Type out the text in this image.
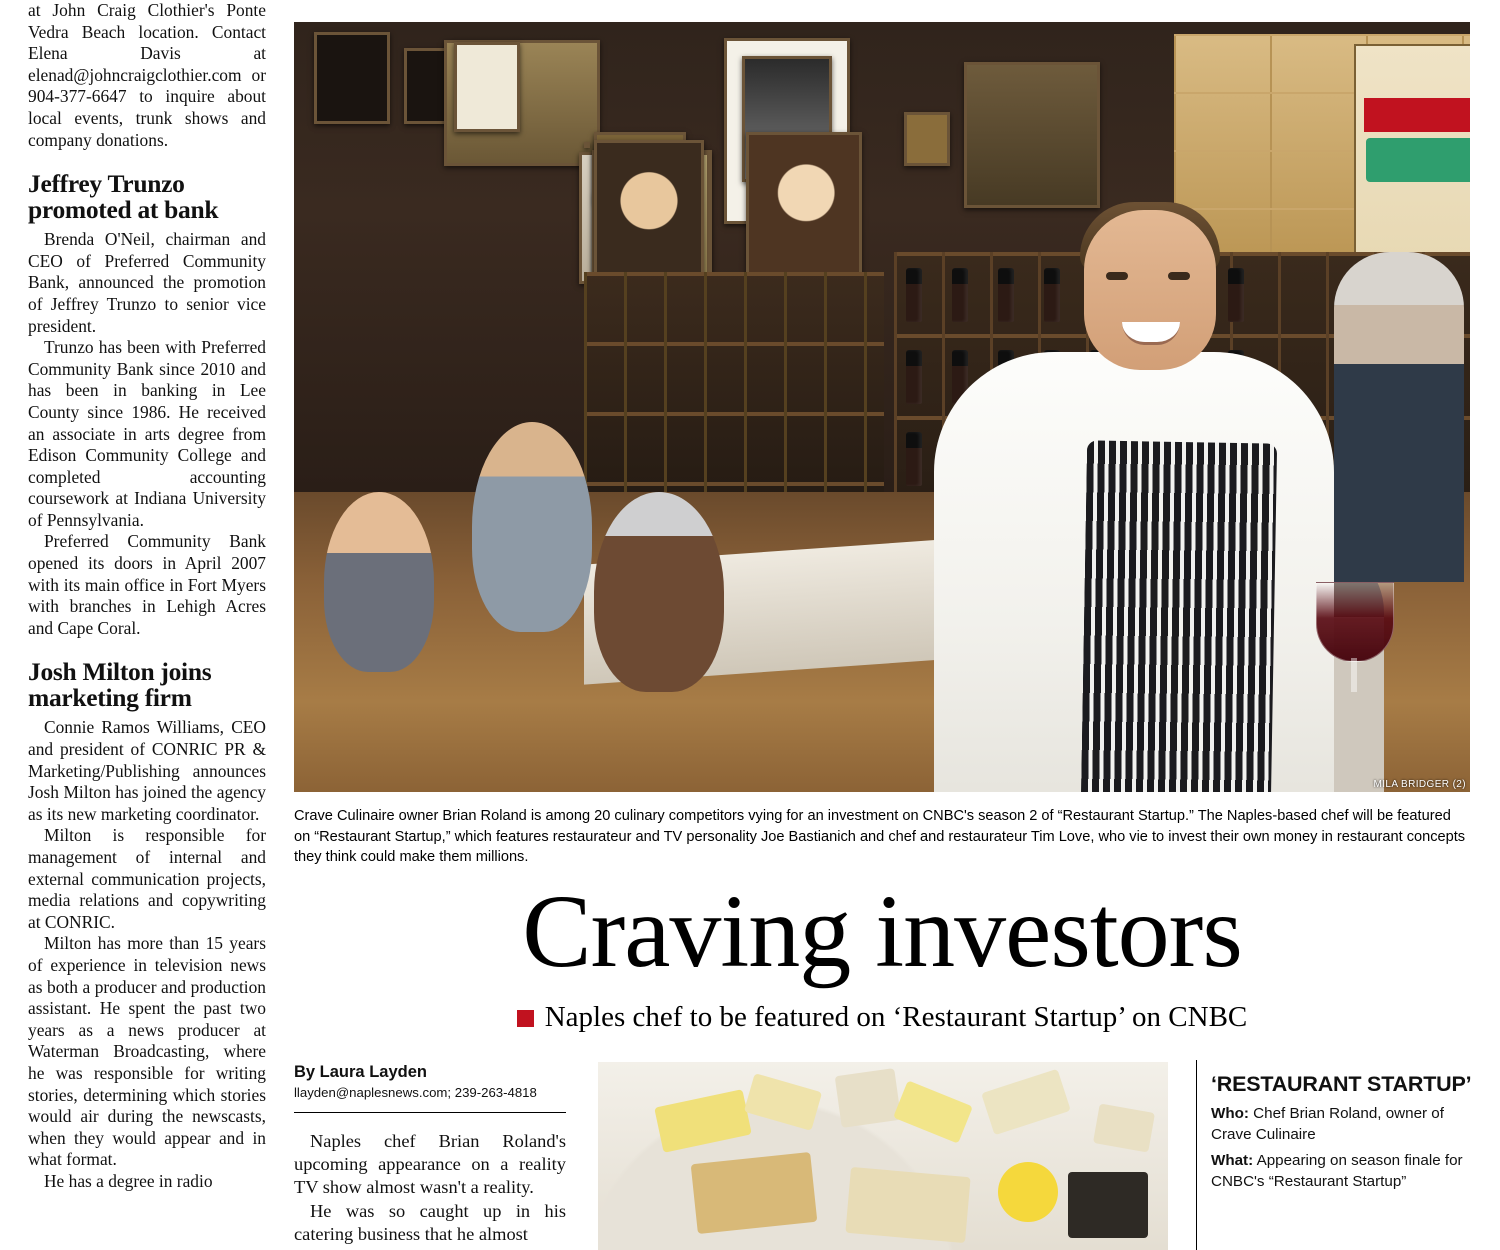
at John Craig Clothier's Ponte Vedra Beach location. Contact Elena Davis at elenad@johncraigclothier.com or 904-377-6647 to inquire about local events, trunk shows and company donations.

Jeffrey Trunzo promoted at bank

Brenda O'Neil, chairman and CEO of Preferred Community Bank, announced the promotion of Jeffrey Trunzo to senior vice president.

Trunzo has been with Preferred Community Bank since 2010 and has been in banking in Lee County since 1986. He received an associate in arts degree from Edison Community College and completed accounting coursework at Indiana University of Pennsylvania.

Preferred Community Bank opened its doors in April 2007 with its main office in Fort Myers with branches in Lehigh Acres and Cape Coral.

Josh Milton joins marketing firm

Connie Ramos Williams, CEO and president of CONRIC PR & Marketing/Publishing announces Josh Milton has joined the agency as its new marketing coordinator.

Milton is responsible for management of internal and external communication projects, media relations and copywriting at CONRIC.

Milton has more than 15 years of experience in television news as both a producer and production assistant. He spent the past two years as a news producer at Waterman Broadcasting, where he was responsible for writing stories, determining which stories would air during the newscasts, when they would appear and in what format.

He has a degree in radio

MILA BRIDGER (2)
Crave Culinaire owner Brian Roland is among 20 culinary competitors vying for an investment on CNBC's season 2 of “Restaurant Startup.” The Naples-based chef will be featured on “Restaurant Startup,” which features restaurateur and TV personality Joe Bastianich and chef and restaurateur Tim Love, who vie to invest their own money in restaurant concepts they think could make them millions.
Craving investors
Naples chef to be featured on ‘Restaurant Startup’ on CNBC
By Laura Layden
llayden@naplesnews.com; 239-263-4818

Naples chef Brian Roland's upcoming appearance on a reality TV show almost wasn't a reality.

He was so caught up in his catering business that he almost

‘RESTAURANT STARTUP’

Who: Chef Brian Roland, owner of Crave Culinaire

What: Appearing on season finale for CNBC's “Restaurant Startup”
